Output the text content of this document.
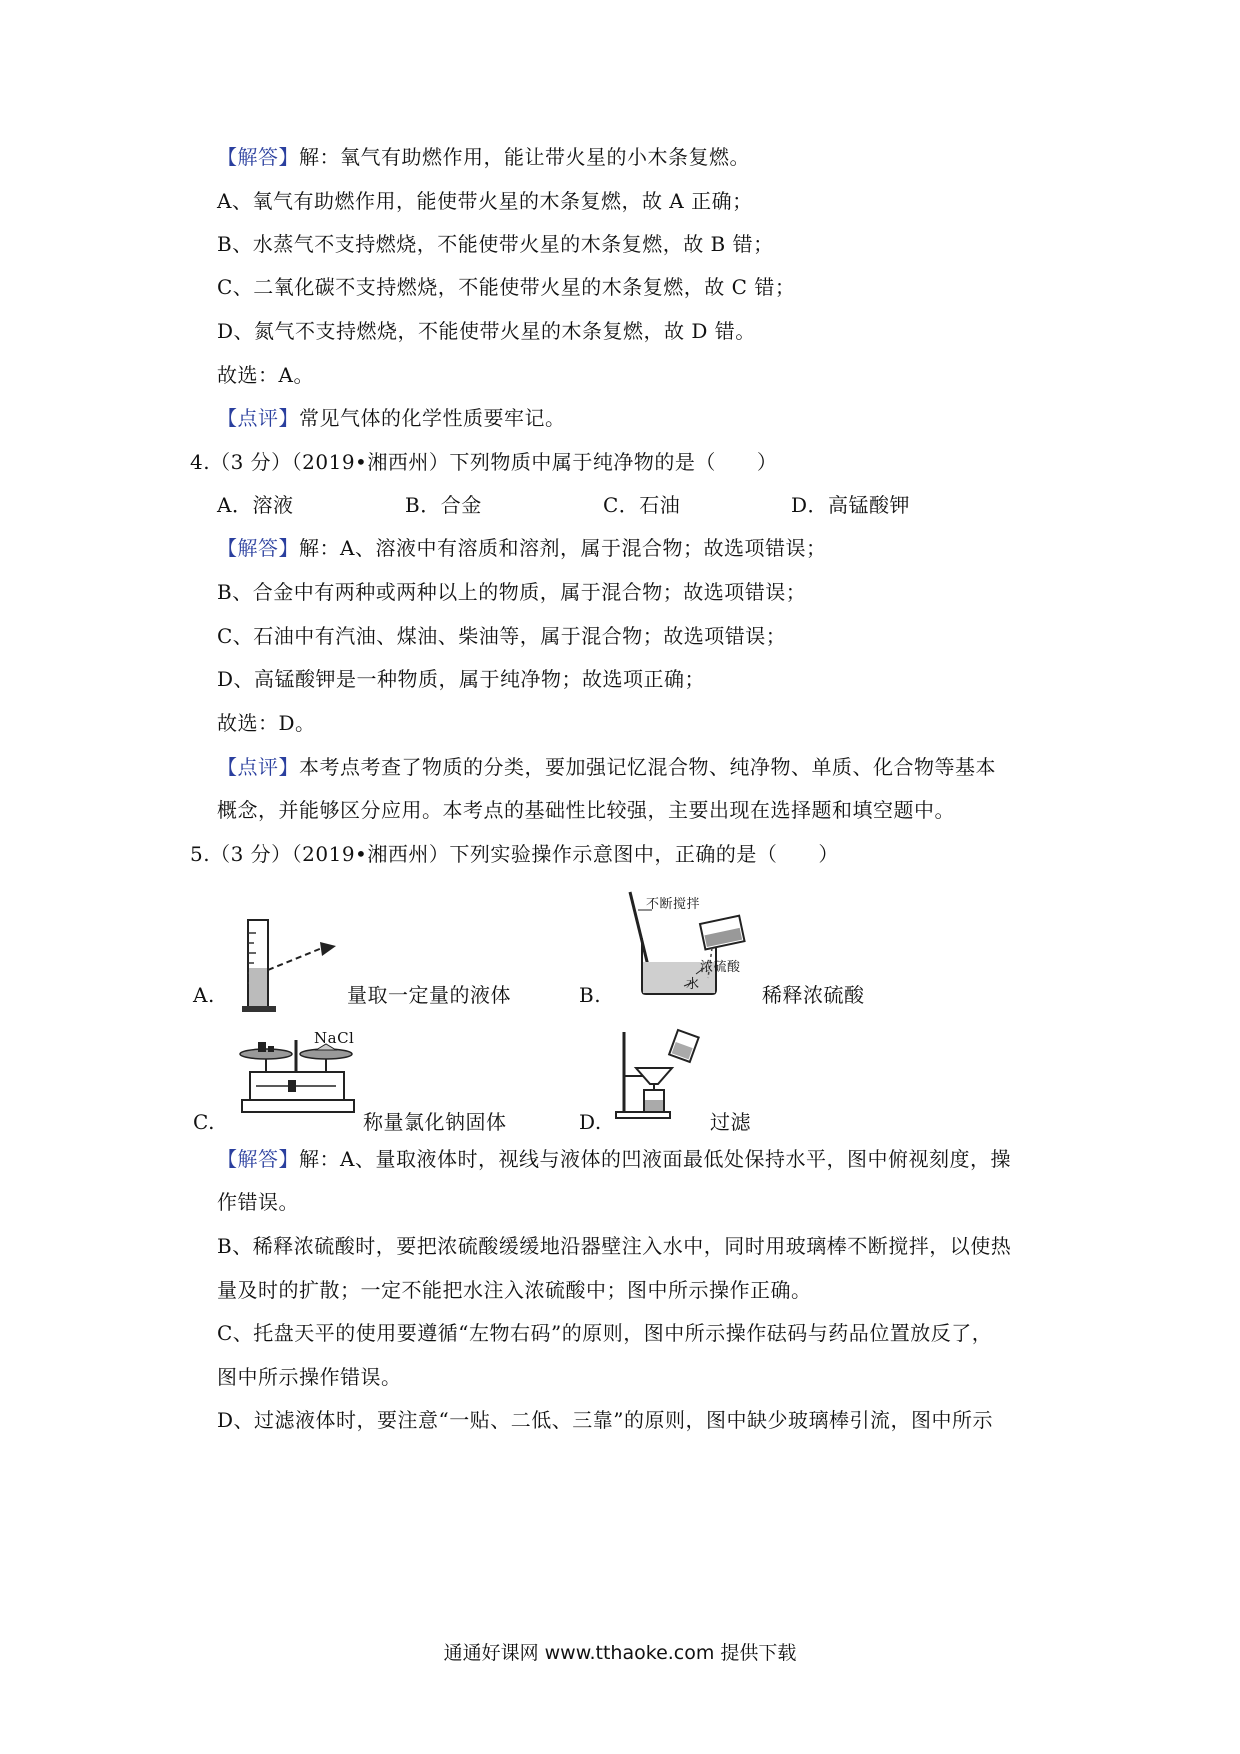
【解答】解：氧气有助燃作用，能让带火星的小木条复燃。
A、氧气有助燃作用，能使带火星的木条复燃，故 A 正确；
B、水蒸气不支持燃烧，不能使带火星的木条复燃，故 B 错；
C、二氧化碳不支持燃烧，不能使带火星的木条复燃，故 C 错；
D、氮气不支持燃烧，不能使带火星的木条复燃，故 D 错。
故选：A。
【点评】常见气体的化学性质要牢记。
4.（3 分）（2019•湘西州）下列物质中属于纯净物的是（　　）
A．溶液	B．合金	C．石油	D．高锰酸钾
【解答】解：A、溶液中有溶质和溶剂，属于混合物；故选项错误；
B、合金中有两种或两种以上的物质，属于混合物；故选项错误；
C、石油中有汽油、煤油、柴油等，属于混合物；故选项错误；
D、高锰酸钾是一种物质，属于纯净物；故选项正确；
故选：D。
【点评】本考点考查了物质的分类，要加强记忆混合物、纯净物、单质、化合物等基本
概念，并能够区分应用。本考点的基础性比较强，主要出现在选择题和填空题中。
5.（3 分）（2019•湘西州）下列实验操作示意图中，正确的是（　　）
A.	量取一定量的液体
不断搅拌
浓硫酸
水
B.	稀释浓硫酸
NaCl
C.	称量氯化钠固体	D.	过滤
【解答】解：A、量取液体时，视线与液体的凹液面最低处保持水平，图中俯视刻度，操
作错误。
B、稀释浓硫酸时，要把浓硫酸缓缓地沿器壁注入水中，同时用玻璃棒不断搅拌，以使热
量及时的扩散；一定不能把水注入浓硫酸中；图中所示操作正确。
C、托盘天平的使用要遵循“左物右码”的原则，图中所示操作砝码与药品位置放反了，
图中所示操作错误。
D、过滤液体时，要注意“一贴、二低、三靠”的原则，图中缺少玻璃棒引流，图中所示
通通好课网 www.tthaoke.com 提供下载
